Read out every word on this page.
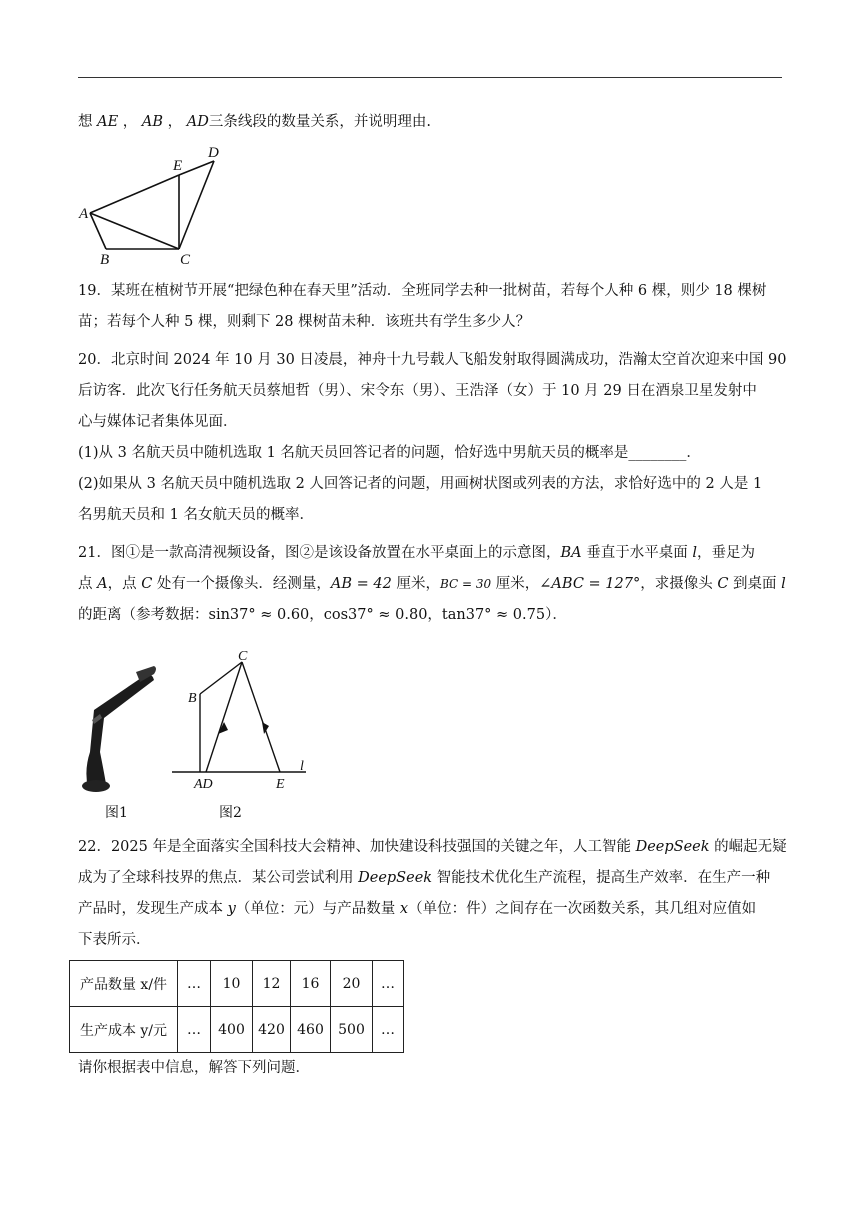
想 AE ， AB ， AD三条线段的数量关系，并说明理由.

A
B	C
E
D

19．某班在植树节开展“把绿色种在春天里”活动．全班同学去种一批树苗，若每个人种 6 棵，则少 18 棵树
苗；若每个人种 5 棵，则剩下 28 棵树苗未种．该班共有学生多少人？

20．北京时间 2024 年 10 月 30 日凌晨，神舟十九号载人飞船发射取得圆满成功，浩瀚太空首次迎来中国 90
后访客．此次飞行任务航天员蔡旭哲（男）、宋令东（男）、王浩泽（女）于 10 月 29 日在酒泉卫星发射中
心与媒体记者集体见面．
(1)从 3 名航天员中随机选取 1 名航天员回答记者的问题，恰好选中男航天员的概率是________．
(2)如果从 3 名航天员中随机选取 2 人回答记者的问题，用画树状图或列表的方法，求恰好选中的 2 人是 1
名男航天员和 1 名女航天员的概率．

21．图①是一款高清视频设备，图②是该设备放置在水平桌面上的示意图，BA 垂直于水平桌面 l，垂足为
点 A，点 C 处有一个摄像头．经测量，AB = 42 厘米，BC = 30 厘米，∠ABC = 127°，求摄像头 C 到桌面 l
的距离（参考数据：sin37° ≈ 0.60，cos37° ≈ 0.80，tan37° ≈ 0.75）．

图1
C
B
AD	E
l
图2

22．2025 年是全面落实全国科技大会精神、加快建设科技强国的关键之年，人工智能 DeepSeek 的崛起无疑
成为了全球科技界的焦点．某公司尝试利用 DeepSeek 智能技术优化生产流程，提高生产效率．在生产一种
产品时，发现生产成本 y（单位：元）与产品数量 x（单位：件）之间存在一次函数关系，其几组对应值如
下表所示．

产品数量 x/件	…	10	12	16	20	…
生产成本 y/元	…	400	420	460	500	…

请你根据表中信息，解答下列问题．
